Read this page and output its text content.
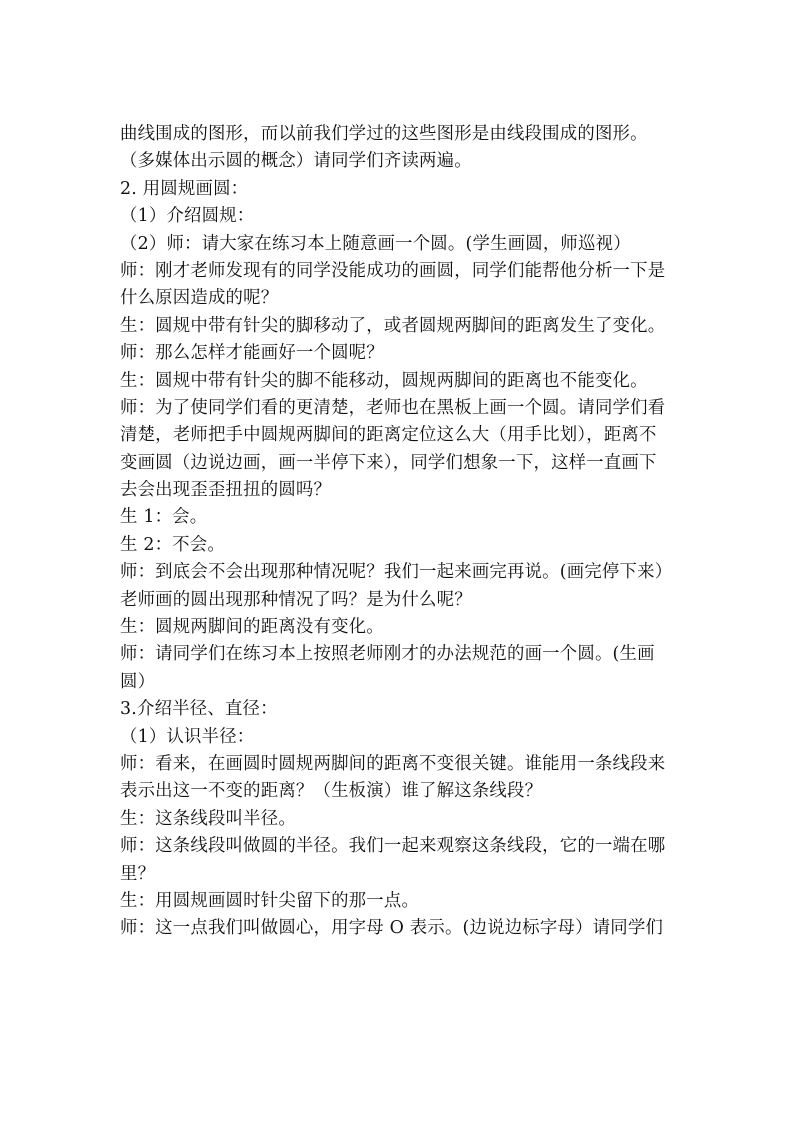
曲线围成的图形，而以前我们学过的这些图形是由线段围成的图形。
（多媒体出示圆的概念）请同学们齐读两遍。
2. 用圆规画圆：
（1）介绍圆规：
（2）师：请大家在练习本上随意画一个圆。(学生画圆，师巡视）
师：刚才老师发现有的同学没能成功的画圆，同学们能帮他分析一下是
什么原因造成的呢？
生：圆规中带有针尖的脚移动了，或者圆规两脚间的距离发生了变化。
师：那么怎样才能画好一个圆呢？
生：圆规中带有针尖的脚不能移动，圆规两脚间的距离也不能变化。
师：为了使同学们看的更清楚，老师也在黑板上画一个圆。请同学们看
清楚，老师把手中圆规两脚间的距离定位这么大（用手比划），距离不
变画圆（边说边画，画一半停下来），同学们想象一下，这样一直画下
去会出现歪歪扭扭的圆吗？
生 1：会。
生 2：不会。
师：到底会不会出现那种情况呢？我们一起来画完再说。(画完停下来）
老师画的圆出现那种情况了吗？是为什么呢？
生：圆规两脚间的距离没有变化。
师：请同学们在练习本上按照老师刚才的办法规范的画一个圆。(生画
圆）
3.介绍半径、直径：
（1）认识半径：
师：看来，在画圆时圆规两脚间的距离不变很关键。谁能用一条线段来
表示出这一不变的距离？（生板演）谁了解这条线段？
生：这条线段叫半径。
师：这条线段叫做圆的半径。我们一起来观察这条线段，它的一端在哪
里？
生：用圆规画圆时针尖留下的那一点。
师：这一点我们叫做圆心，用字母 O 表示。(边说边标字母）请同学们
